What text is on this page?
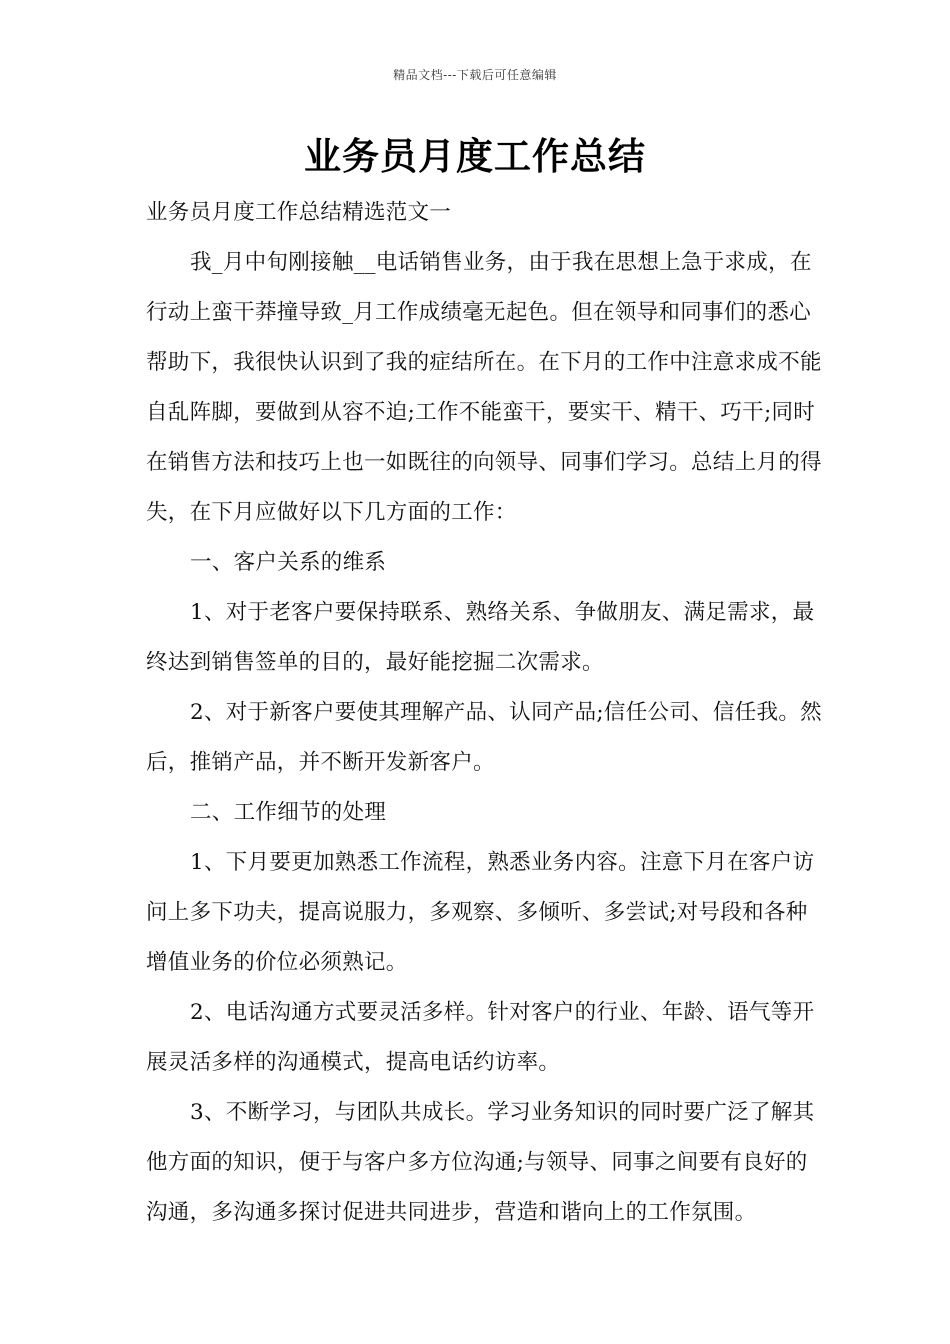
精品文档---下载后可任意编辑
业务员月度工作总结

业务员月度工作总结精选范文一

我_月中旬刚接触__电话销售业务，由于我在思想上急于求成，在行动上蛮干莽撞导致_月工作成绩毫无起色。但在领导和同事们的悉心帮助下，我很快认识到了我的症结所在。在下月的工作中注意求成不能自乱阵脚，要做到从容不迫;工作不能蛮干，要实干、精干、巧干;同时在销售方法和技巧上也一如既往的向领导、同事们学习。总结上月的得失，在下月应做好以下几方面的工作：

一、客户关系的维系

1、对于老客户要保持联系、熟络关系、争做朋友、满足需求，最终达到销售签单的目的，最好能挖掘二次需求。

2、对于新客户要使其理解产品、认同产品;信任公司、信任我。然后，推销产品，并不断开发新客户。

二、工作细节的处理

1、下月要更加熟悉工作流程，熟悉业务内容。注意下月在客户访问上多下功夫，提高说服力，多观察、多倾听、多尝试;对号段和各种增值业务的价位必须熟记。

2、电话沟通方式要灵活多样。针对客户的行业、年龄、语气等开展灵活多样的沟通模式，提高电话约访率。

3、不断学习，与团队共成长。学习业务知识的同时要广泛了解其他方面的知识，便于与客户多方位沟通;与领导、同事之间要有良好的沟通，多沟通多探讨促进共同进步，营造和谐向上的工作氛围。
